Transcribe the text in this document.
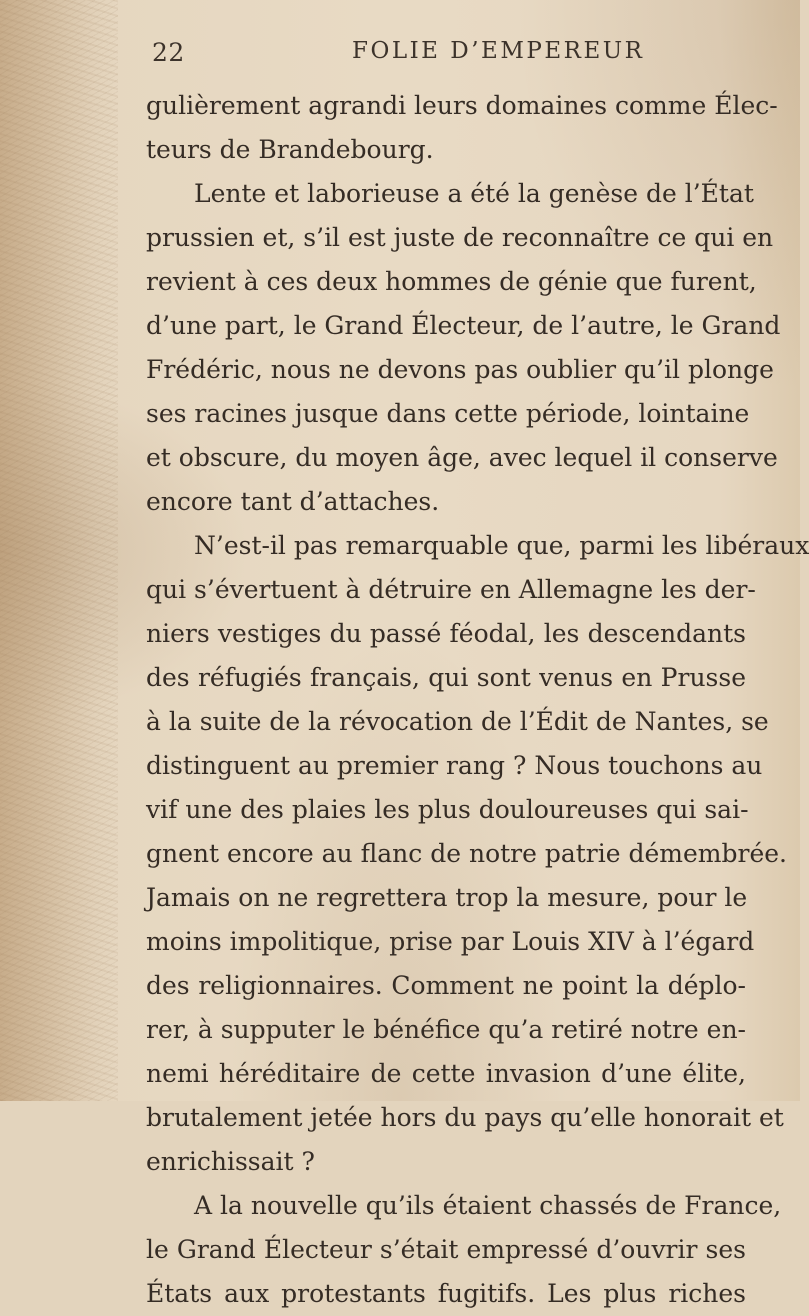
22	FOLIE D’EMPEREUR
gulièrement agrandi leurs domaines comme Élec-
teurs de Brandebourg.
Lente et laborieuse a été la genèse de l’État
prussien et, s’il est juste de reconnaître ce qui en
revient à ces deux hommes de génie que furent,
d’une part, le Grand Électeur, de l’autre, le Grand
Frédéric, nous ne devons pas oublier qu’il plonge
ses racines jusque dans cette période, lointaine
et obscure, du moyen âge, avec lequel il conserve
encore tant d’attaches.
N’est-il pas remarquable que, parmi les libéraux
qui s’évertuent à détruire en Allemagne les der-
niers vestiges du passé féodal, les descendants
des réfugiés français, qui sont venus en Prusse
à la suite de la révocation de l’Édit de Nantes, se
distinguent au premier rang ? Nous touchons au
vif une des plaies les plus douloureuses qui sai-
gnent encore au flanc de notre patrie démembrée.
Jamais on ne regrettera trop la mesure, pour le
moins impolitique, prise par Louis XIV à l’égard
des religionnaires. Comment ne point la déplo-
rer, à supputer le bénéfice qu’a retiré notre en-
nemi héréditaire de cette invasion d’une élite,
brutalement jetée hors du pays qu’elle honorait et
enrichissait ?
A la nouvelle qu’ils étaient chassés de France,
le Grand Électeur s’était empressé d’ouvrir ses
États aux protestants fugitifs. Les plus riches
